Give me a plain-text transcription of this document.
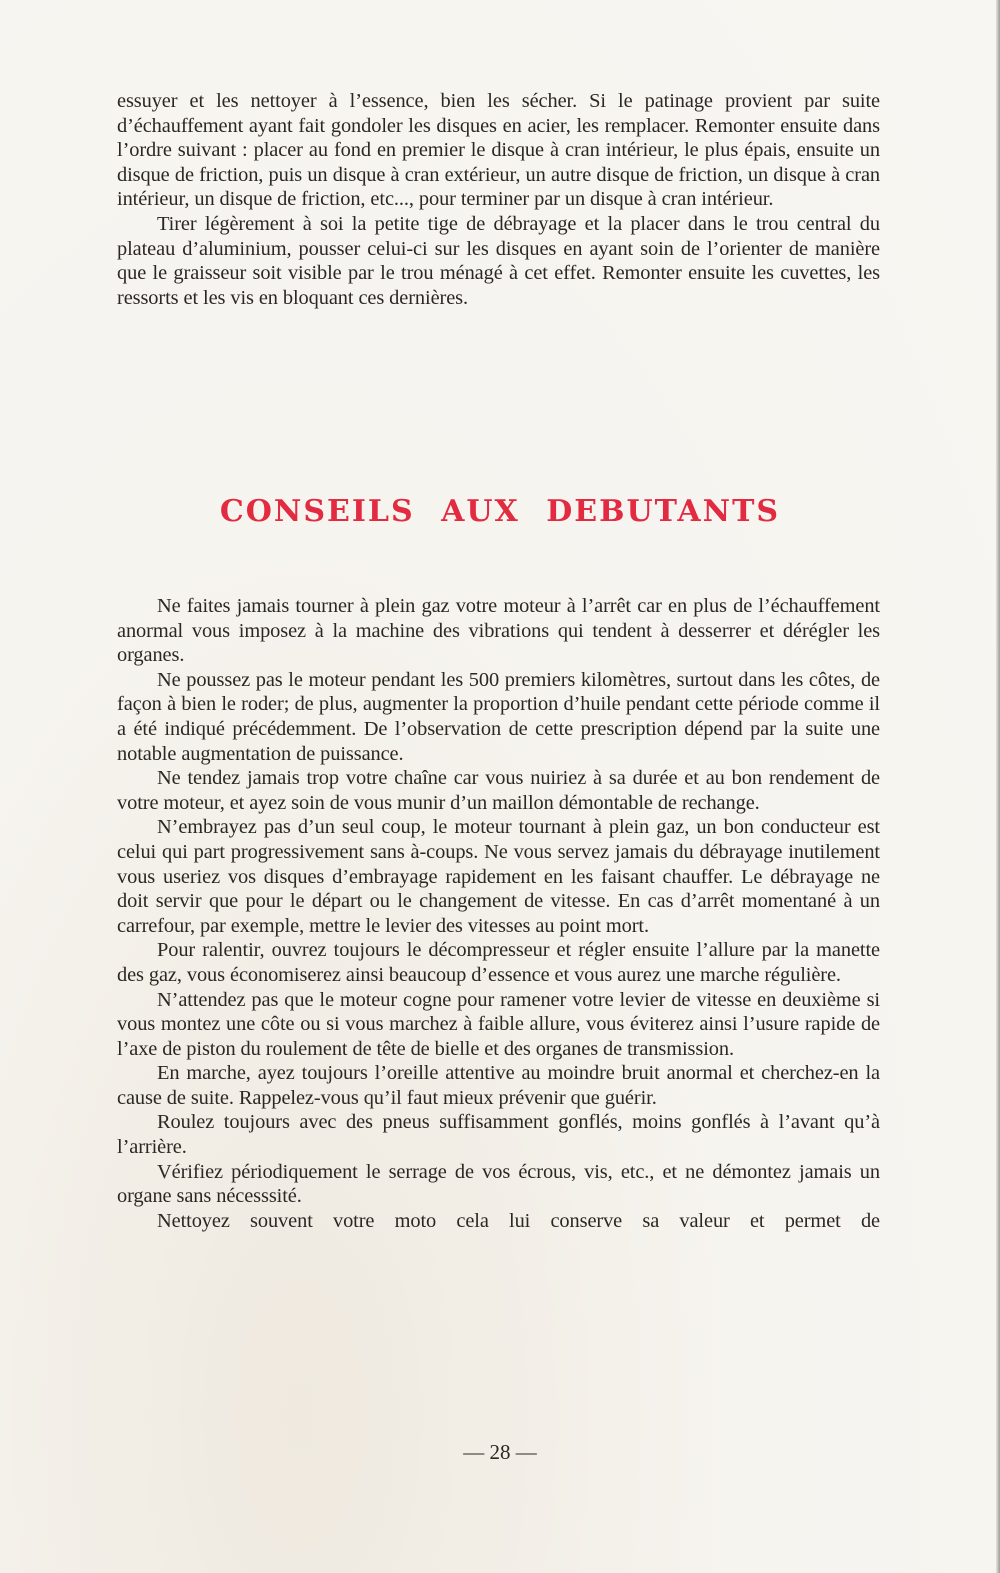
essuyer et les nettoyer à l’essence, bien les sécher. Si le patinage provient par suite d’échauffement ayant fait gondoler les disques en acier, les remplacer. Remonter ensuite dans l’ordre suivant : placer au fond en premier le disque à cran intérieur, le plus épais, ensuite un disque de friction, puis un disque à cran extérieur, un autre disque de friction, un disque à cran intérieur, un disque de friction, etc..., pour terminer par un disque à cran intérieur.

Tirer légèrement à soi la petite tige de débrayage et la placer dans le trou central du plateau d’aluminium, pousser celui-ci sur les disques en ayant soin de l’orienter de manière que le graisseur soit visible par le trou ménagé à cet effet. Remonter ensuite les cuvettes, les ressorts et les vis en bloquant ces dernières.

CONSEILS AUX DEBUTANTS

Ne faites jamais tourner à plein gaz votre moteur à l’arrêt car en plus de l’échauffement anormal vous imposez à la machine des vibrations qui tendent à desserrer et dérégler les organes.

Ne poussez pas le moteur pendant les 500 premiers kilomètres, surtout dans les côtes, de façon à bien le roder; de plus, augmenter la proportion d’huile pendant cette période comme il a été indiqué précédemment. De l’observation de cette prescription dépend par la suite une notable augmentation de puissance.

Ne tendez jamais trop votre chaîne car vous nuiriez à sa durée et au bon rendement de votre moteur, et ayez soin de vous munir d’un maillon démontable de rechange.

N’embrayez pas d’un seul coup, le moteur tournant à plein gaz, un bon conducteur est celui qui part progressivement sans à-coups. Ne vous servez jamais du débrayage inutilement vous useriez vos disques d’embrayage rapidement en les faisant chauffer. Le débrayage ne doit servir que pour le départ ou le changement de vitesse. En cas d’arrêt momentané à un carrefour, par exemple, mettre le levier des vitesses au point mort.

Pour ralentir, ouvrez toujours le décompresseur et régler ensuite l’allure par la manette des gaz, vous économiserez ainsi beaucoup d’essence et vous aurez une marche régulière.

N’attendez pas que le moteur cogne pour ramener votre levier de vitesse en deuxième si vous montez une côte ou si vous marchez à faible allure, vous éviterez ainsi l’usure rapide de l’axe de piston du roulement de tête de bielle et des organes de transmission.

En marche, ayez toujours l’oreille attentive au moindre bruit anormal et cherchez-en la cause de suite. Rappelez-vous qu’il faut mieux prévenir que guérir.

Roulez toujours avec des pneus suffisamment gonflés, moins gonflés à l’avant qu’à l’arrière.

Vérifiez périodiquement le serrage de vos écrous, vis, etc., et ne démontez jamais un organe sans nécesssité.

Nettoyez souvent votre moto cela lui conserve sa valeur et permet de

— 28 —
